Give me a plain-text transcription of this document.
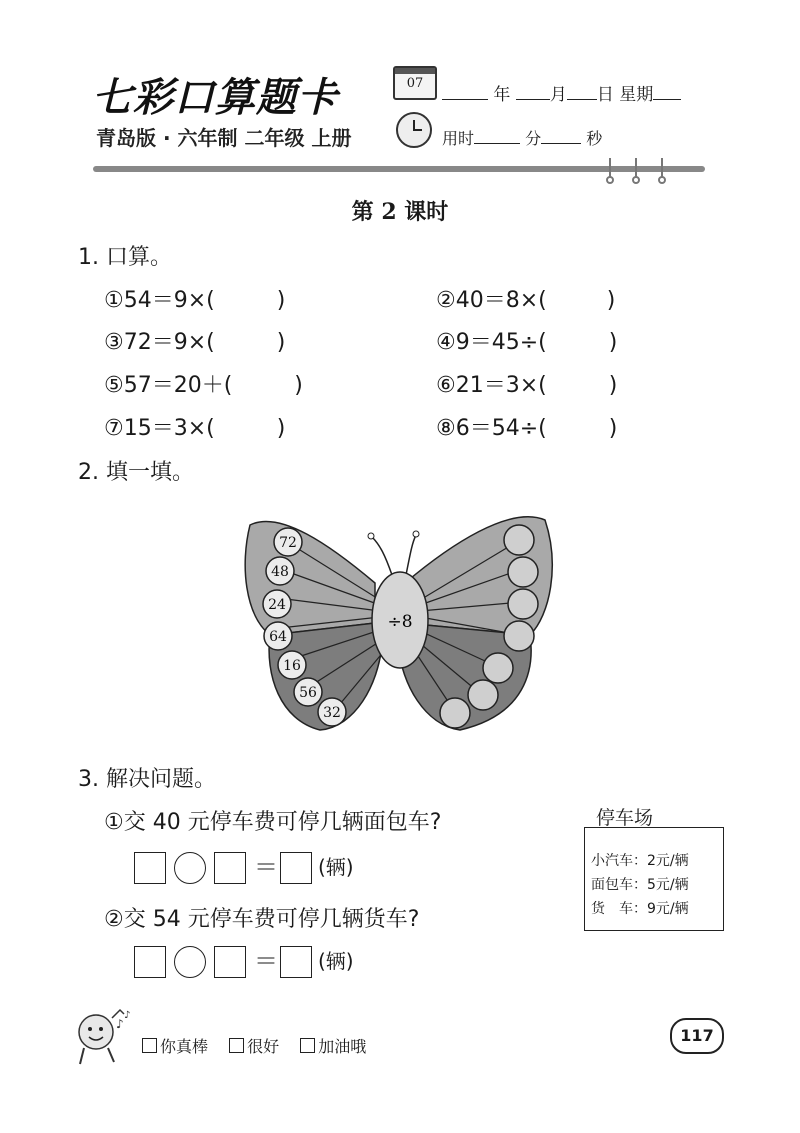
七彩口算题卡
青岛版 · 六年制 二年级 上册
07
年 月 日 星期
用时	分	秒
第 2 课时
1. 口算。
①54＝9×(	)	②40＝8×(	)
③72＝9×(	)	④9＝45÷(	)
⑤57＝20＋(	)	⑥21＝3×(	)
⑦15＝3×(	)	⑧6＝54÷(	)
2. 填一填。
÷8
72
48
24
64
16
56
32
3. 解决问题。
①交 40 元停车费可停几辆面包车?
＝ (辆)
②交 54 元停车费可停几辆货车?
＝ (辆)
停车场
小汽车：2元/辆
面包车：5元/辆
货　车：9元/辆
♪
♪
你真棒 很好 加油哦
117
